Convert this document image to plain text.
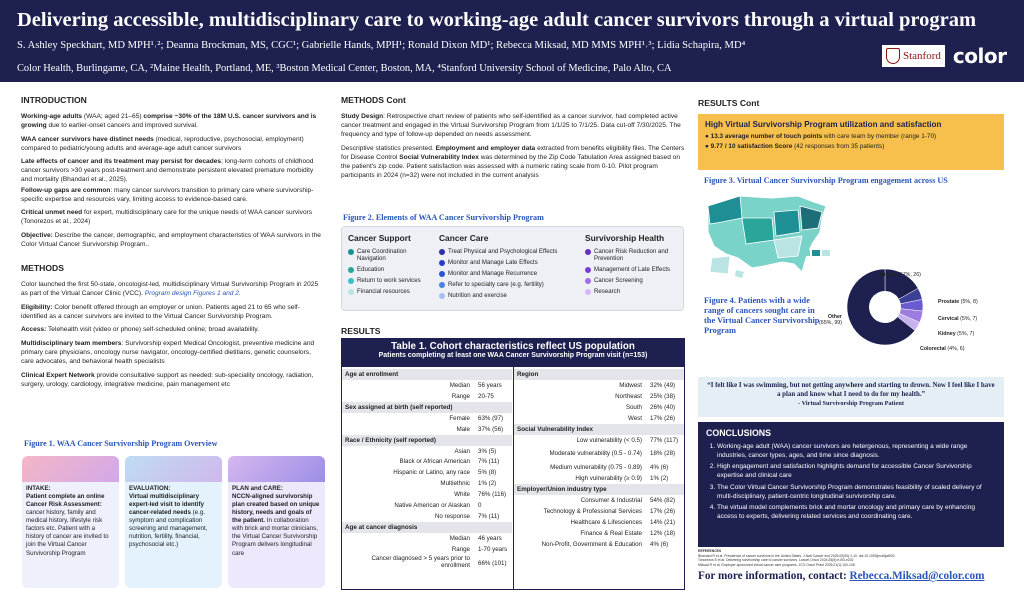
Delivering accessible, multidisciplinary care to working-age adult cancer survivors through a virtual program
S. Ashley Speckhart, MD MPH¹˒²; Deanna Brockman, MS, CGC¹; Gabrielle Hands, MPH¹; Ronald Dixon MD¹; Rebecca Miksad, MD MMS MPH¹˒³; Lidia Schapira, MD⁴
Color Health, Burlingame, CA, ²Maine Health, Portland, ME, ³Boston Medical Center, Boston, MA, ⁴Stanford University School of Medicine, Palo Alto, CA
Stanford color
INTRODUCTION

Working-age adults (WAA; aged 21–65) comprise ~30% of the 18M U.S. cancer survivors and is growing due to earlier-onset cancers and improved survival.

WAA cancer survivors have distinct needs (medical, reproductive, psychosocial, employment) compared to pediatric/young adults and average-age adult cancer survivors

Late effects of cancer and its treatment may persist for decades; long-term cohorts of childhood cancer survivors >30 years post-treatment and demonstrate persistent elevated premature morbidity and mortality (Bhandari et al., 2025).

Follow-up gaps are common: many cancer survivors transition to primary care where survivorship-specific expertise and resources vary, limiting access to evidence-based care.

Critical unmet need for expert, multidisciplinary care for the unique needs of WAA cancer survivors (Tonorezos et al., 2024)

Objective: Describe the cancer, demographic, and employment characteristics of WAA survivors in the Color Virtual Cancer Survivorship Program..

METHODS

Color launched the first 50-state, oncologist-led, multidisciplinary Virtual Survivorship Program in 2025 as part of the Virtual Cancer Clinic (VCC). Program design Figures 1 and 2.

Eligibility: Color benefit offered through an employer or union. Patients aged 21 to 65 who self-identified as a cancer survivors are invited to the Virtual Cancer Survivorship Program.

Access: Telehealth visit (video or phone) self-scheduled online; broad availability.

Multidisciplinary team members: Survivorship expert Medical Oncologist, preventive medicine and primary care physicians, oncology nurse navigator, oncology-certified dietitians, genetic counselors, care advocates, and behavioral health specialists

Clinical Expert Network provide consultative support as needed: sub-speciality oncology, radiation, surgery, urology, cardiology, integrative medicine, pain management etc

Figure 1. WAA Cancer Survivorship Program Overview
INTAKE:
Patient complete an online Cancer Risk Assessment: cancer history, family and medical history, lifestyle risk factors etc. Patient with a history of cancer are invited to join the Virtual Cancer Survivorship Program
EVALUATION:
Virtual multidisciplinary expert-led visit to identify cancer-related needs (e.g. symptom and complication screening and management, nutrition, fertility, financial, psychosocial etc.)
PLAN and CARE:
NCCN-aligned survivorship plan created based on unique history, needs and goals of the patient. In collaboration with brick and mortar clinicians, the Virtual Cancer Survivorship Program delivers longitudinal care
METHODS Cont

Study Design: Retrospective chart review of patients who self-identified as a cancer survivor, had completed active cancer treatment and engaged in the Virtual Survivorship Program from 1/1/25 to 7/1/25. Data cut-off 7/30/2025. The frequency and type of follow-up depended on needs assessment.

Descriptive statistics presented. Employment and employer data extracted from benefits eligibility files. The Centers for Disease Control Social Vulnerability Index was determined by the Zip Code Tabulation Area assigned based on the patient's zip code. Patient satisfaction was assessed with a numeric rating scale from 0-10. Pilot program participants in 2024 (n=32) were not included in the current analysis

Figure 2. Elements of WAA Cancer Survivorship Program
Cancer Support
Care Coordination Navigation
Education
Return to work services
Financial resources
Cancer Care
Treat Physical and Psychological Effects
Monitor and Manage Late Effects
Monitor and Manage Recurrence
Refer to specialty care (e.g. fertility)
Nutrition and exercise
Survivorship Health
Cancer Risk Reduction and Prevention
Management of Late Effects
Cancer Screening
Research
RESULTS
Table 1. Cohort characteristics reflect US population
Patients completing at least one WAA Cancer Survivorship Program visit (n=153)
Age at enrollment
Median	56 years
Range	20-75
Sex assigned at birth (self reported)
Female	63% (97)
Male	37% (56)
Race / Ethnicity (self reported)
Asian	3% (5)
Black or African American	7% (11)
Hispanic or Latino, any race	5% (8)
Multiethnic	1% (2)
White	76% (116)
Native American or Alaskan	0
No response	7% (11)
Age at cancer diagnosis
Median	46 years
Range	1-70 years
Cancer diagnosed > 5 years prior to enrollment	66% (101)
Region
Midwest	32% (49)
Northeast	25% (38)
South	26% (40)
West	17% (26)
Social Vulnerability Index
Low vulnerability (< 0.5)	77% (117)
Moderate vulnerability (0.5 - 0.74)	18% (28)
Medium vulnerability (0.75 - 0.89)	4% (6)
High vulnerability (≥ 0.9)	1% (2)
Employer/Union industry type
Consumer & Industrial	54% (82)
Technology & Professional Services	17% (26)
Healthcare & Lifesciences	14% (21)
Finance & Real Estate	12% (18)
Non-Profit, Government & Education	4% (6)
RESULTS Cont
High Virtual Survivorship Program utilization and satisfaction
● 13.3 average number of touch points with care team by member (range 1-70)
● 9.77 / 10 satisfaction Score (42 responses from 35 patients)
Figure 3. Virtual Cancer Survivorship Program engagement across US
Figure 4. Patients with a wide range of cancers sought care in the Virtual Cancer Survivorship Program
Breast (17%, 26)
Prostate (5%, 8)
Cervical (5%, 7)
Kidney (5%, 7)
Colorectal (4%, 6)
Other (65%, 99)
“I felt like I was swimming, but not getting anywhere and starting to drown. Now I feel like I have a plan and know what I need to do for my health.”
- Virtual Survivorship Program Patient
CONCLUSIONS
1. Working-age adult (WAA) cancer survivors are hetergenous, representing a wide range industries, cancer types, ages, and time since diagnosis.
2. High engagement and satisfaction highlights demand for accessible Cancer Survivorship expertise and clinical care
3. The Color Virtual Cancer Survivorship Program demonstrates feasibility of scaled delivery of multi-disciplinary, patient-centric longitudinal survivorship care.
4. The virtual model complements brick and mortar oncology and primary care by enhancing access to experts, delivering related services and coordinating care.
REFERENCES
Bhandari R et al. Prevalence of cancer survivors in the United States. J Natl Cancer Inst 2025;00(00):1-10. doi:10.1093/jnci/djaf000
Tonorezos E et al. Delivering survivorship care to cancer survivors. Lancet Oncol 2024;25(5):e193-e202
Miksad R et al. Employer-sponsored virtual cancer care programs. JCO Oncol Pract 2025;21(1):100-108
For more information, contact: Rebecca.Miksad@color.com
